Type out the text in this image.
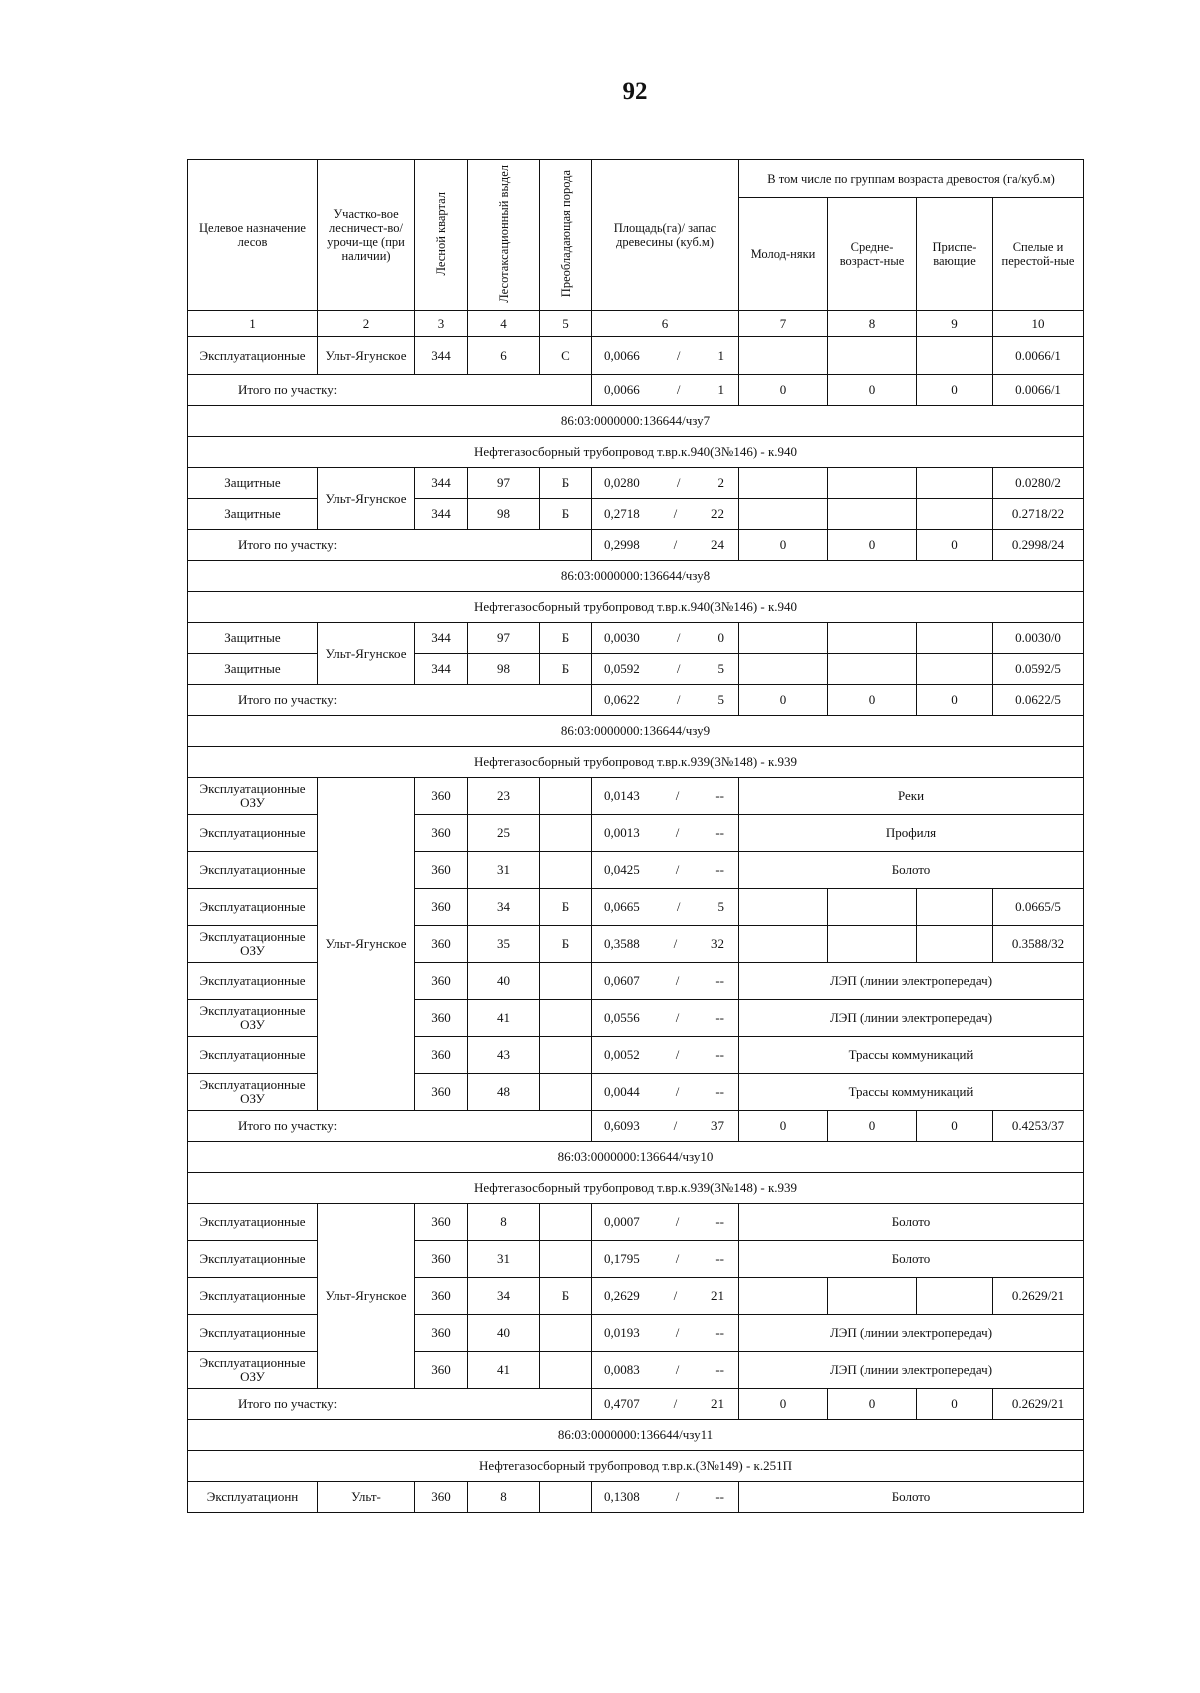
92
Целевое назначение лесов	Участко-вое лесничест-во/урочи-ще (при наличии)	Лесной квартал	Лесотаксационный выдел	Преобладающая порода	Площадь(га)/ запас древесины (куб.м)	В том числе по группам возраста древостоя (га/куб.м)			
						Молод-няки	Средне-возраст-ные	Приспе-вающие	Спелые и перестой-ные
1	2	3	4	5	6	7	8	9	10
Эксплуатационные	Ульт-Ягунское	344	6	С	0,0066 / 1				0.0066/1
Итого по участку:					0,0066 / 1	0	0	0	0.0066/1
86:03:0000000:136644/чзу7									
Нефтегазосборный трубопровод т.вр.к.940(3№146) - к.940									
Защитные	Ульт-Ягунское	344	97	Б	0,0280 / 2				0.0280/2
Защитные		344	98	Б	0,2718 / 22				0.2718/22
Итого по участку:					0,2998 / 24	0	0	0	0.2998/24
86:03:0000000:136644/чзу8									
Нефтегазосборный трубопровод т.вр.к.940(3№146) - к.940									
Защитные	Ульт-Ягунское	344	97	Б	0,0030 / 0				0.0030/0
Защитные		344	98	Б	0,0592 / 5				0.0592/5
Итого по участку:					0,0622 / 5	0	0	0	0.0622/5
86:03:0000000:136644/чзу9									
Нефтегазосборный трубопровод т.вр.к.939(3№148) - к.939									
Эксплуатационные ОЗУ	Ульт-Ягунское	360	23		0,0143 / --	Реки			
Эксплуатационные		360	25		0,0013 / --	Профиля			
Эксплуатационные		360	31		0,0425 / --	Болото			
Эксплуатационные		360	34	Б	0,0665 / 5				0.0665/5
Эксплуатационные ОЗУ		360	35	Б	0,3588 / 32				0.3588/32
Эксплуатационные		360	40		0,0607 / --	ЛЭП (линии электропередач)			
Эксплуатационные ОЗУ		360	41		0,0556 / --	ЛЭП (линии электропередач)			
Эксплуатационные		360	43		0,0052 / --	Трассы коммуникаций			
Эксплуатационные ОЗУ		360	48		0,0044 / --	Трассы коммуникаций			
Итого по участку:					0,6093 / 37	0	0	0	0.4253/37
86:03:0000000:136644/чзу10									
Нефтегазосборный трубопровод т.вр.к.939(3№148) - к.939									
Эксплуатационные	Ульт-Ягунское	360	8		0,0007 / --	Болото			
Эксплуатационные		360	31		0,1795 / --	Болото			
Эксплуатационные		360	34	Б	0,2629 / 21				0.2629/21
Эксплуатационные		360	40		0,0193 / --	ЛЭП (линии электропередач)			
Эксплуатационные ОЗУ		360	41		0,0083 / --	ЛЭП (линии электропередач)			
Итого по участку:					0,4707 / 21	0	0	0	0.2629/21
86:03:0000000:136644/чзу11									
Нефтегазосборный трубопровод т.вр.к.(3№149) - к.251П									
Эксплуатационн	Ульт-	360	8		0,1308 / --	Болото			
